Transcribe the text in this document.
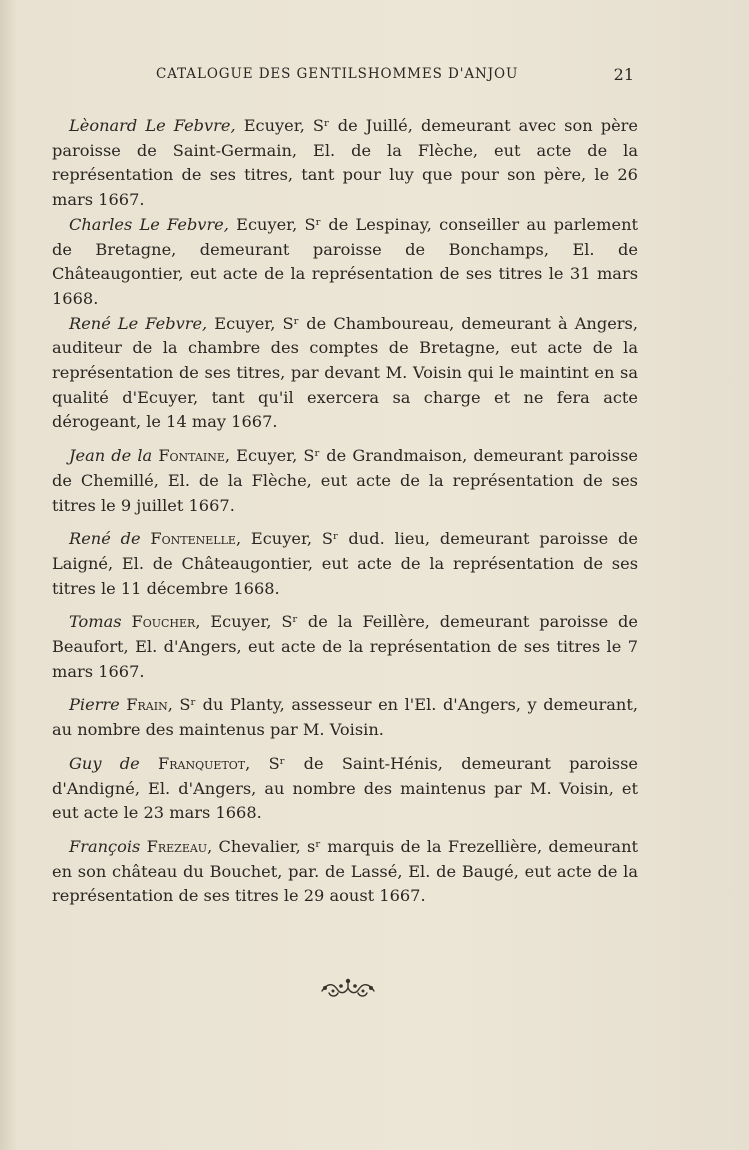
CATALOGUE DES GENTILSHOMMES D'ANJOU	21

Lèonard Le Febvre, Ecuyer, Sʳ de Juillé, demeurant avec son père paroisse de Saint-Germain, El. de la Flèche, eut acte de la représentation de ses titres, tant pour luy que pour son père, le 26 mars 1667.

Charles Le Febvre, Ecuyer, Sʳ de Lespinay, conseiller au parlement de Bretagne, demeurant paroisse de Bonchamps, El. de Châteaugontier, eut acte de la représentation de ses titres le 31 mars 1668.

René Le Febvre, Ecuyer, Sʳ de Chamboureau, demeurant à Angers, auditeur de la chambre des comptes de Bretagne, eut acte de la représentation de ses titres, par devant M. Voisin qui le maintint en sa qualité d'Ecuyer, tant qu'il exercera sa charge et ne fera acte dérogeant, le 14 may 1667.

Jean de la Fontaine, Ecuyer, Sʳ de Grandmaison, demeurant paroisse de Chemillé, El. de la Flèche, eut acte de la représentation de ses titres le 9 juillet 1667.

René de Fontenelle, Ecuyer, Sʳ dud. lieu, demeurant paroisse de Laigné, El. de Châteaugontier, eut acte de la représentation de ses titres le 11 décembre 1668.

Tomas Foucher, Ecuyer, Sʳ de la Feillère, demeurant paroisse de Beaufort, El. d'Angers, eut acte de la représentation de ses titres le 7 mars 1667.

Pierre Frain, Sʳ du Planty, assesseur en l'El. d'Angers, y demeurant, au nombre des maintenus par M. Voisin.

Guy de Franquetot, Sʳ de Saint-Hénis, demeurant paroisse d'Andigné, El. d'Angers, au nombre des maintenus par M. Voisin, et eut acte le 23 mars 1668.

François Frezeau, Chevalier, sʳ marquis de la Frezellière, demeurant en son château du Bouchet, par. de Lassé, El. de Baugé, eut acte de la représentation de ses titres le 29 aoust 1667.
